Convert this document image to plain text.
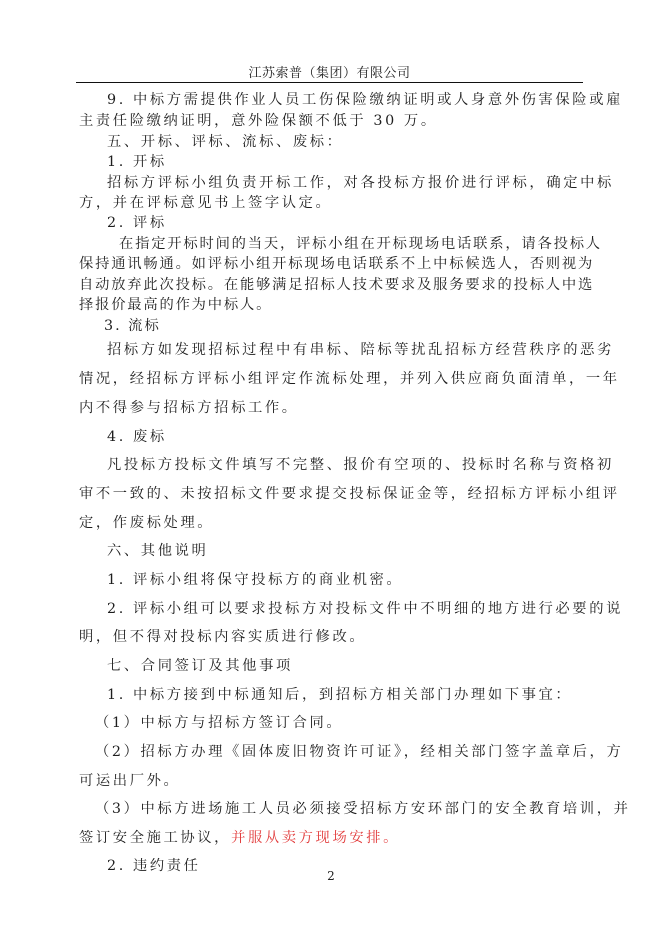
江苏索普（集团）有限公司
9. 中标方需提供作业人员工伤保险缴纳证明或人身意外伤害保险或雇
主责任险缴纳证明，意外险保额不低于 30 万。
五、开标、评标、流标、废标：
1. 开标
招标方评标小组负责开标工作，对各投标方报价进行评标，确定中标
方，并在评标意见书上签字认定。
2. 评标
在指定开标时间的当天，评标小组在开标现场电话联系，请各投标人
保持通讯畅通。如评标小组开标现场电话联系不上中标候选人，否则视为
自动放弃此次投标。在能够满足招标人技术要求及服务要求的投标人中选
择报价最高的作为中标人。
3. 流标
招标方如发现招标过程中有串标、陪标等扰乱招标方经营秩序的恶劣
情况，经招标方评标小组评定作流标处理，并列入供应商负面清单，一年
内不得参与招标方招标工作。
4. 废标
凡投标方投标文件填写不完整、报价有空项的、投标时名称与资格初
审不一致的、未按招标文件要求提交投标保证金等，经招标方评标小组评
定，作废标处理。
六、其他说明
1. 评标小组将保守投标方的商业机密。
2. 评标小组可以要求投标方对投标文件中不明细的地方进行必要的说
明，但不得对投标内容实质进行修改。
七、合同签订及其他事项
1. 中标方接到中标通知后，到招标方相关部门办理如下事宜：
（1）中标方与招标方签订合同。
（2）招标方办理《固体废旧物资许可证》，经相关部门签字盖章后，方
可运出厂外。
（3）中标方进场施工人员必须接受招标方安环部门的安全教育培训，并
签订安全施工协议，并服从卖方现场安排。
2. 违约责任
2
